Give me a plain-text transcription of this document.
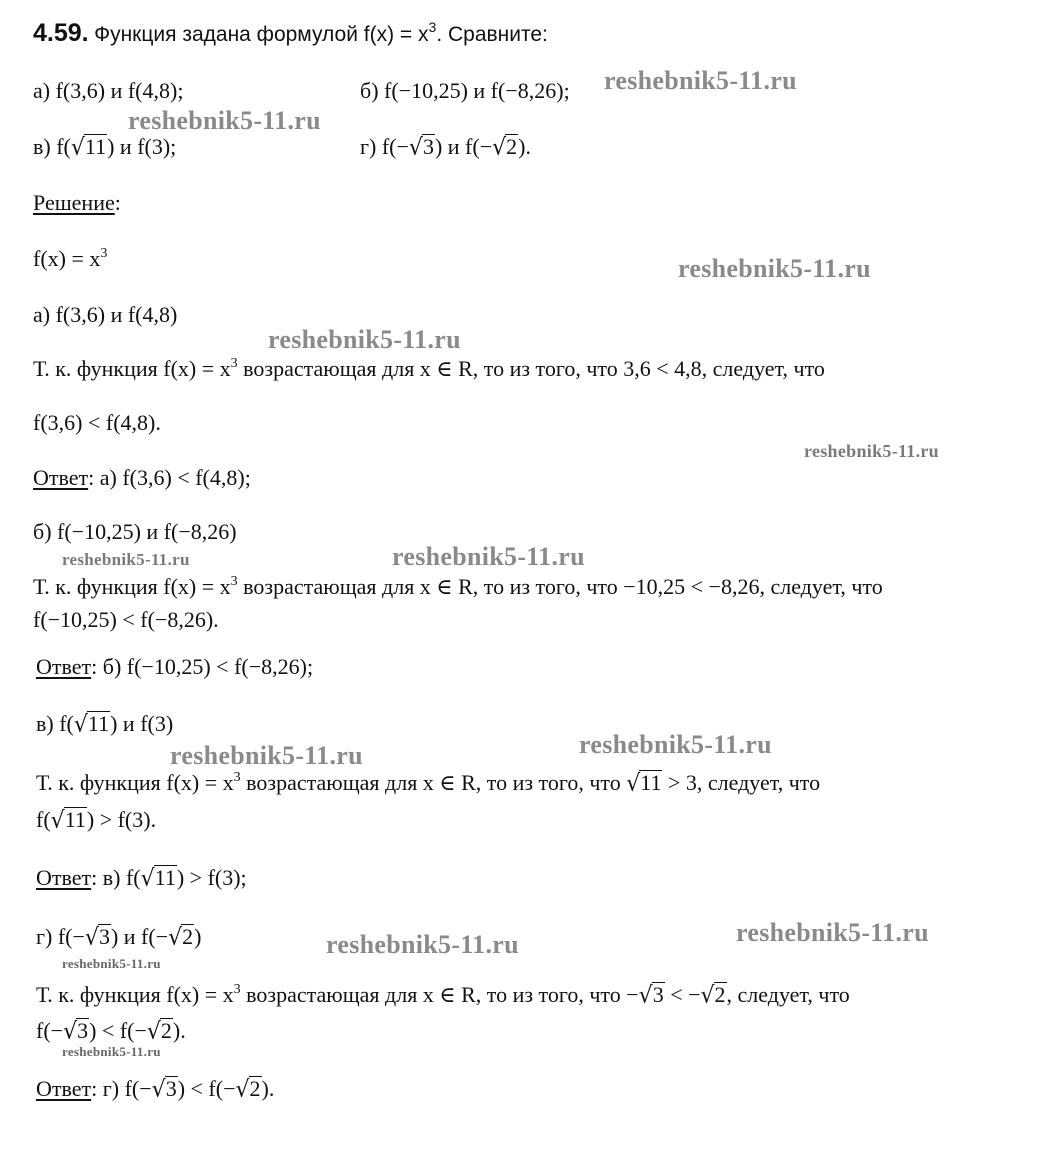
4.59. Функция задана формулой $f(x) = x^3$. Сравните:
а) f(3,6) и f(4,8);	б) f(−10,25) и f(−8,26);
в) f(√11) и f(3);	г) f(−√3) и f(−√2).
Решение:
$f(x) = x^3$
а) f(3,6) и f(4,8)
Т. к. функция $f(x) = x^3$ возрастающая для x ∈ R, то из того, что 3,6 < 4,8, следует, что
f(3,6) < f(4,8).
Ответ: а) f(3,6) < f(4,8);
б) f(−10,25) и f(−8,26)
Т. к. функция $f(x) = x^3$ возрастающая для x ∈ R, то из того, что −10,25 < −8,26, следует, что
f(−10,25) < f(−8,26).
Ответ: б) f(−10,25) < f(−8,26);
в) f(√11) и f(3)
Т. к. функция $f(x) = x^3$ возрастающая для x ∈ R, то из того, что √11 > 3, следует, что
f(√11) > f(3).
Ответ: в) f(√11) > f(3);
г) f(−√3) и f(−√2)
Т. к. функция $f(x) = x^3$ возрастающая для x ∈ R, то из того, что −√3 < −√2, следует, что
f(−√3) < f(−√2).
Ответ: г) f(−√3) < f(−√2).
reshebnik5-11.ru
reshebnik5-11.ru
reshebnik5-11.ru
reshebnik5-11.ru
reshebnik5-11.ru
reshebnik5-11.ru	reshebnik5-11.ru
reshebnik5-11.ru
reshebnik5-11.ru
reshebnik5-11.ru
reshebnik5-11.ru
reshebnik5-11.ru
reshebnik5-11.ru
